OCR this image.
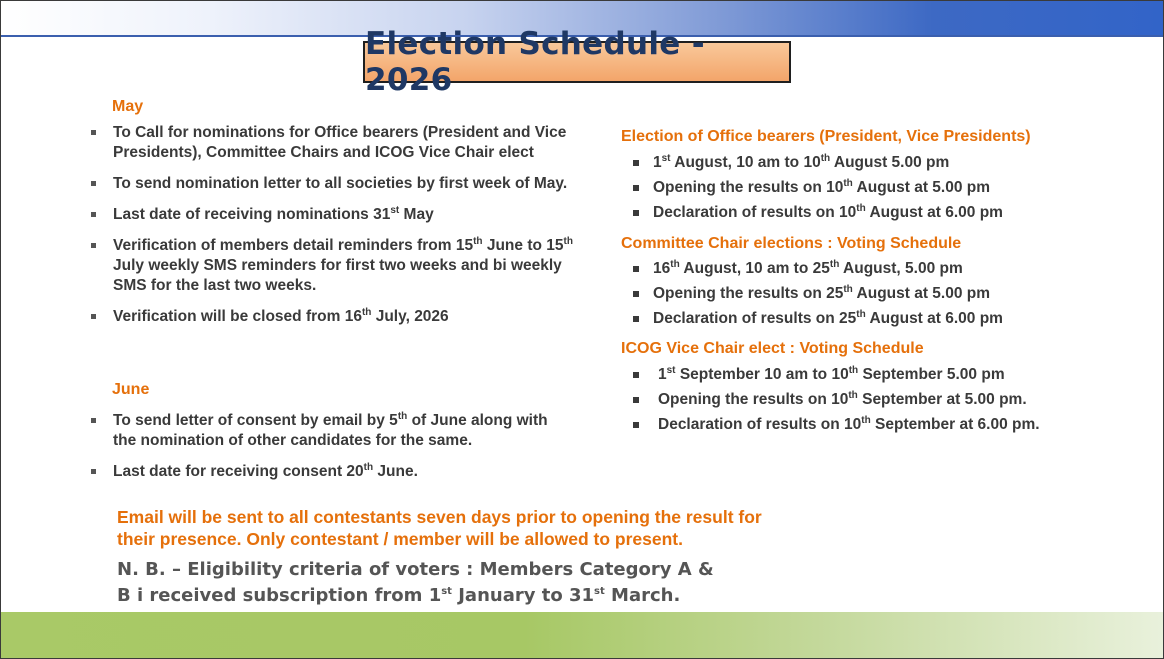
Election Schedule - 2026
May
To Call for nominations for Office bearers (President and Vice Presidents), Committee Chairs and ICOG Vice Chair elect
To send nomination letter to all societies by first week of May.
Last date of receiving nominations 31st May
Verification of members detail reminders from 15th June to 15th July weekly SMS reminders for first two weeks and bi weekly SMS for the last two weeks.
Verification will be closed from 16th July, 2026
June
To send letter of consent by email by 5th of June along with the nomination of other candidates for the same.
Last date for receiving consent 20th June.
Election of Office bearers (President, Vice Presidents)
1st August, 10 am to 10th August 5.00 pm
Opening the results on 10th August at 5.00 pm
Declaration of results on 10th August at 6.00 pm
Committee Chair elections : Voting Schedule
16th August, 10 am to 25th August, 5.00 pm
Opening the results on 25th August at 5.00 pm
Declaration of results on 25th August at 6.00 pm
ICOG Vice Chair elect : Voting Schedule
1st September 10 am to 10th September 5.00 pm
Opening the results on 10th September at 5.00 pm.
Declaration of results on 10th September at 6.00 pm.
Email will be sent to all contestants seven days prior to opening the result for
their presence. Only contestant / member will be allowed to present.
N. B. – Eligibility criteria of voters : Members Category A &
B i received subscription from 1st January to 31st March.
